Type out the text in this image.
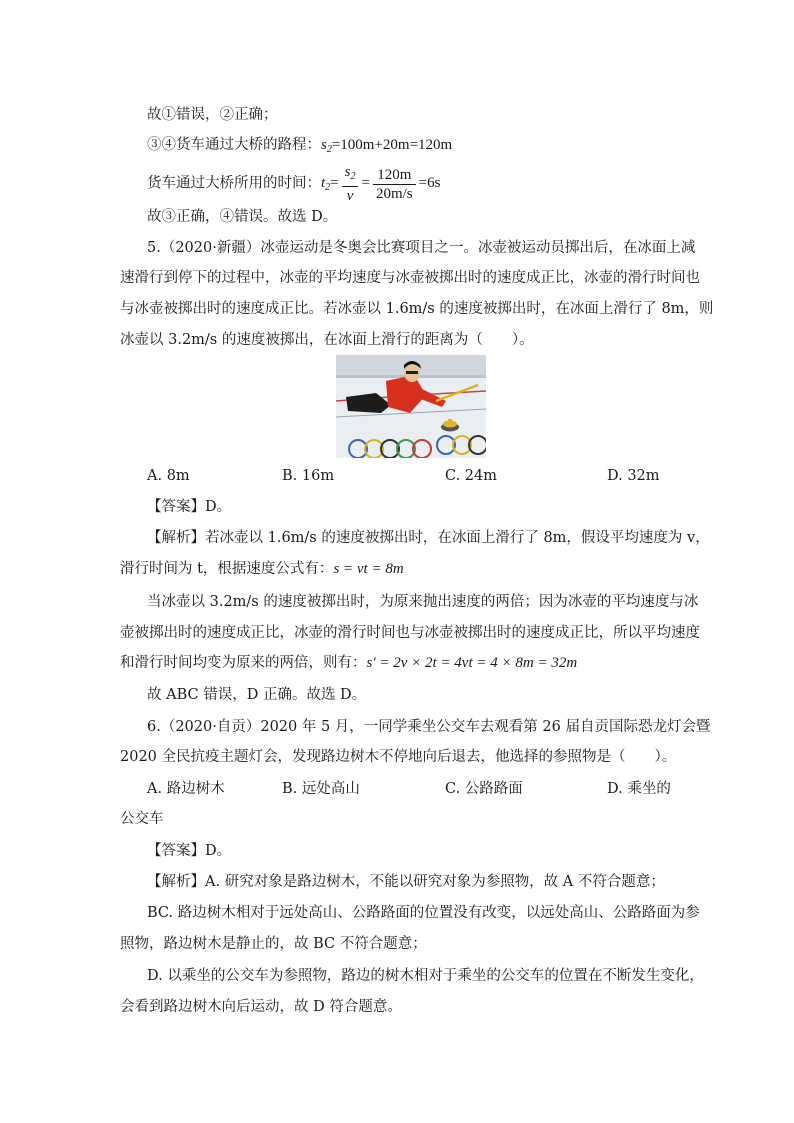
故①错误，②正确；
③④货车通过大桥的路程：$s_2=100m+20m=120m$
货车通过大桥所用的时间：$t_2= \frac{s_2}{v} = \frac{120m}{20m/s} =6s$
故③正确，④错误。故选 D。
5.（2020·新疆）冰壶运动是冬奥会比赛项目之一。冰壶被运动员掷出后，在冰面上减
速滑行到停下的过程中，冰壶的平均速度与冰壶被掷出时的速度成正比，冰壶的滑行时间也
与冰壶被掷出时的速度成正比。若冰壶以 1.6m/s 的速度被掷出时，在冰面上滑行了 8m，则
冰壶以 3.2m/s 的速度被掷出，在冰面上滑行的距离为（　　）。
A. 8m	B. 16m	C. 24m	D. 32m
【答案】D。
【解析】若冰壶以 1.6m/s 的速度被掷出时，在冰面上滑行了 8m，假设平均速度为 v，
滑行时间为 t，根据速度公式有：s = vt = 8m
当冰壶以 3.2m/s 的速度被掷出时，为原来抛出速度的两倍；因为冰壶的平均速度与冰
壶被掷出时的速度成正比，冰壶的滑行时间也与冰壶被掷出时的速度成正比，所以平均速度
和滑行时间均变为原来的两倍，则有：s′ = 2v × 2t = 4vt = 4 × 8m = 32m
故 ABC 错误，D 正确。故选 D。
6.（2020·自贡）2020 年 5 月，一同学乘坐公交车去观看第 26 届自贡国际恐龙灯会暨
2020 全民抗疫主题灯会，发现路边树木不停地向后退去，他选择的参照物是（　　）。
A. 路边树木	B. 远处高山	C. 公路路面	D. 乘坐的
公交车
【答案】D。
【解析】A. 研究对象是路边树木，不能以研究对象为参照物，故 A 不符合题意；
BC. 路边树木相对于远处高山、公路路面的位置没有改变，以远处高山、公路路面为参
照物，路边树木是静止的，故 BC 不符合题意；
D. 以乘坐的公交车为参照物，路边的树木相对于乘坐的公交车的位置在不断发生变化，
会看到路边树木向后运动，故 D 符合题意。
